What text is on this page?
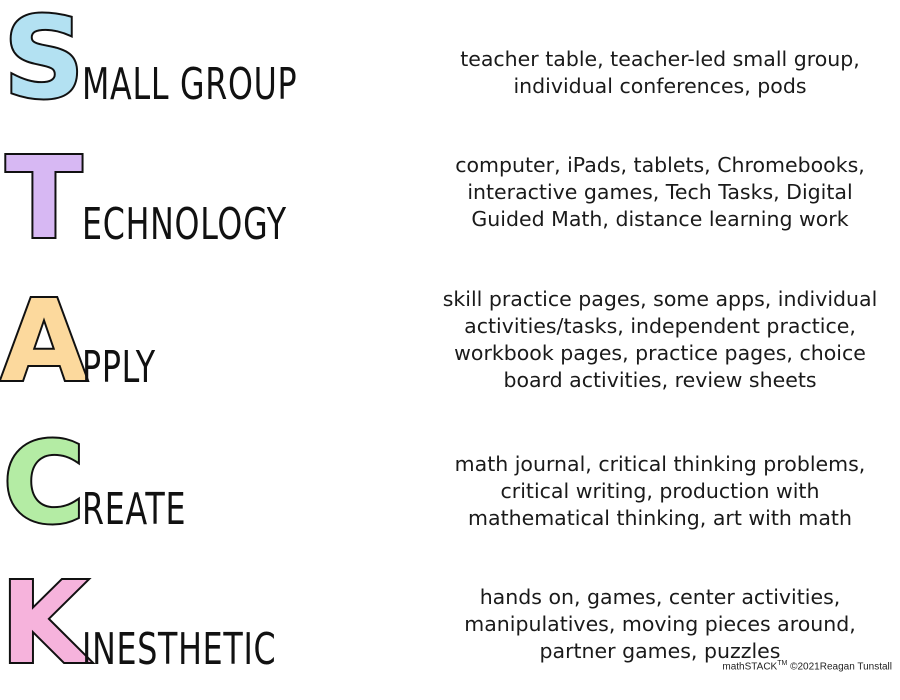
S
MALL GROUP	teacher table, teacher-led small group,
individual conferences, pods
T ECHNOLOGY
computer, iPads, tablets, Chromebooks,
interactive games, Tech Tasks, Digital
Guided Math, distance learning work
A
PPLY
skill practice pages, some apps, individual
activities/tasks, independent practice,
workbook pages, practice pages, choice
board activities, review sheets
C
REATE
math journal, critical thinking problems,
critical writing, production with
mathematical thinking, art with math
K
INESTHETIC
hands on, games, center activities,
manipulatives, moving pieces around,
partner games, puzzles
mathSTACK™ ©2021Reagan Tunstall
